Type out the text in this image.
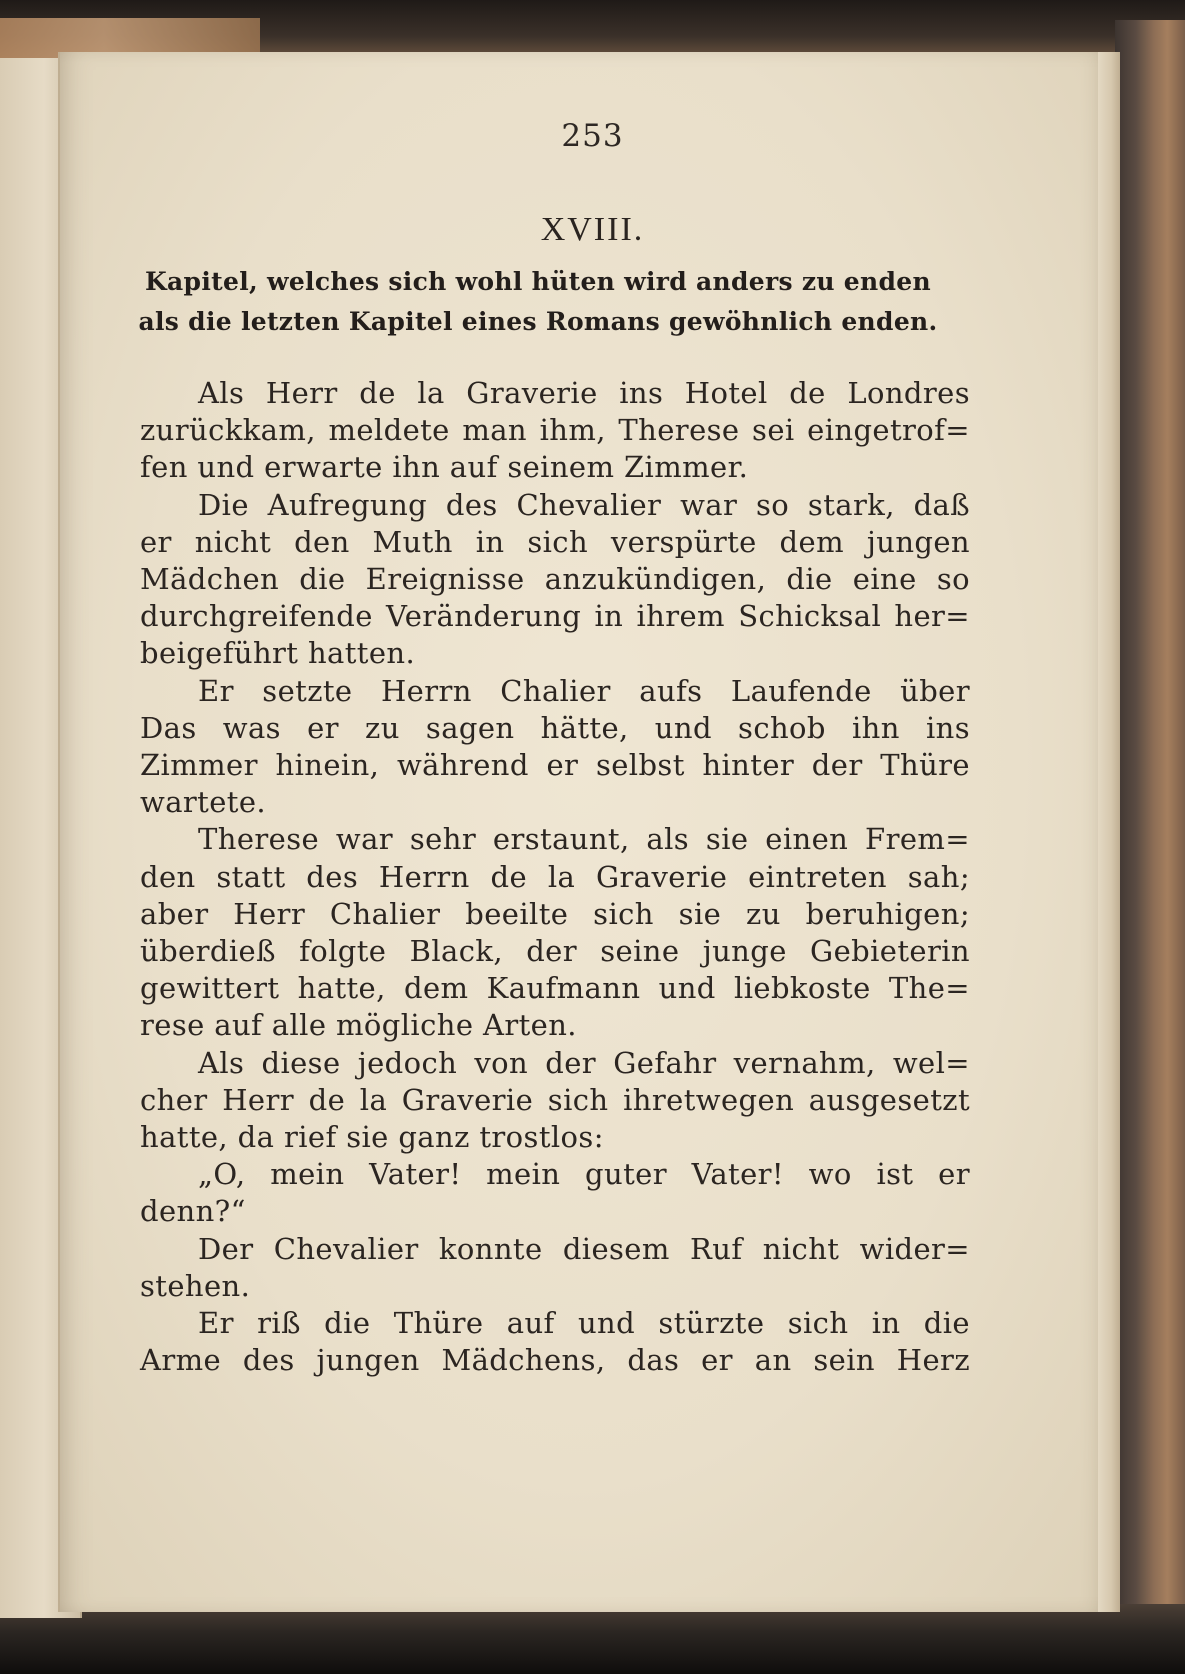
253
XVIII.
Kapitel, welches sich wohl hüten wird anders zu enden
als die letzten Kapitel eines Romans gewöhnlich enden.
Als Herr de la Graverie ins Hotel de Londres
zurückkam, meldete man ihm, Therese sei eingetrof=
fen und erwarte ihn auf seinem Zimmer.
Die Aufregung des Chevalier war so stark, daß
er nicht den Muth in sich verspürte dem jungen
Mädchen die Ereignisse anzukündigen, die eine so
durchgreifende Veränderung in ihrem Schicksal her=
beigeführt hatten.
Er setzte Herrn Chalier aufs Laufende über
Das was er zu sagen hätte, und schob ihn ins
Zimmer hinein, während er selbst hinter der Thüre
wartete.
Therese war sehr erstaunt, als sie einen Frem=
den statt des Herrn de la Graverie eintreten sah;
aber Herr Chalier beeilte sich sie zu beruhigen;
überdieß folgte Black, der seine junge Gebieterin
gewittert hatte, dem Kaufmann und liebkoste The=
rese auf alle mögliche Arten.
Als diese jedoch von der Gefahr vernahm, wel=
cher Herr de la Graverie sich ihretwegen ausgesetzt
hatte, da rief sie ganz trostlos:
„O, mein Vater! mein guter Vater! wo ist er
denn?“
Der Chevalier konnte diesem Ruf nicht wider=
stehen.
Er riß die Thüre auf und stürzte sich in die
Arme des jungen Mädchens, das er an sein Herz
